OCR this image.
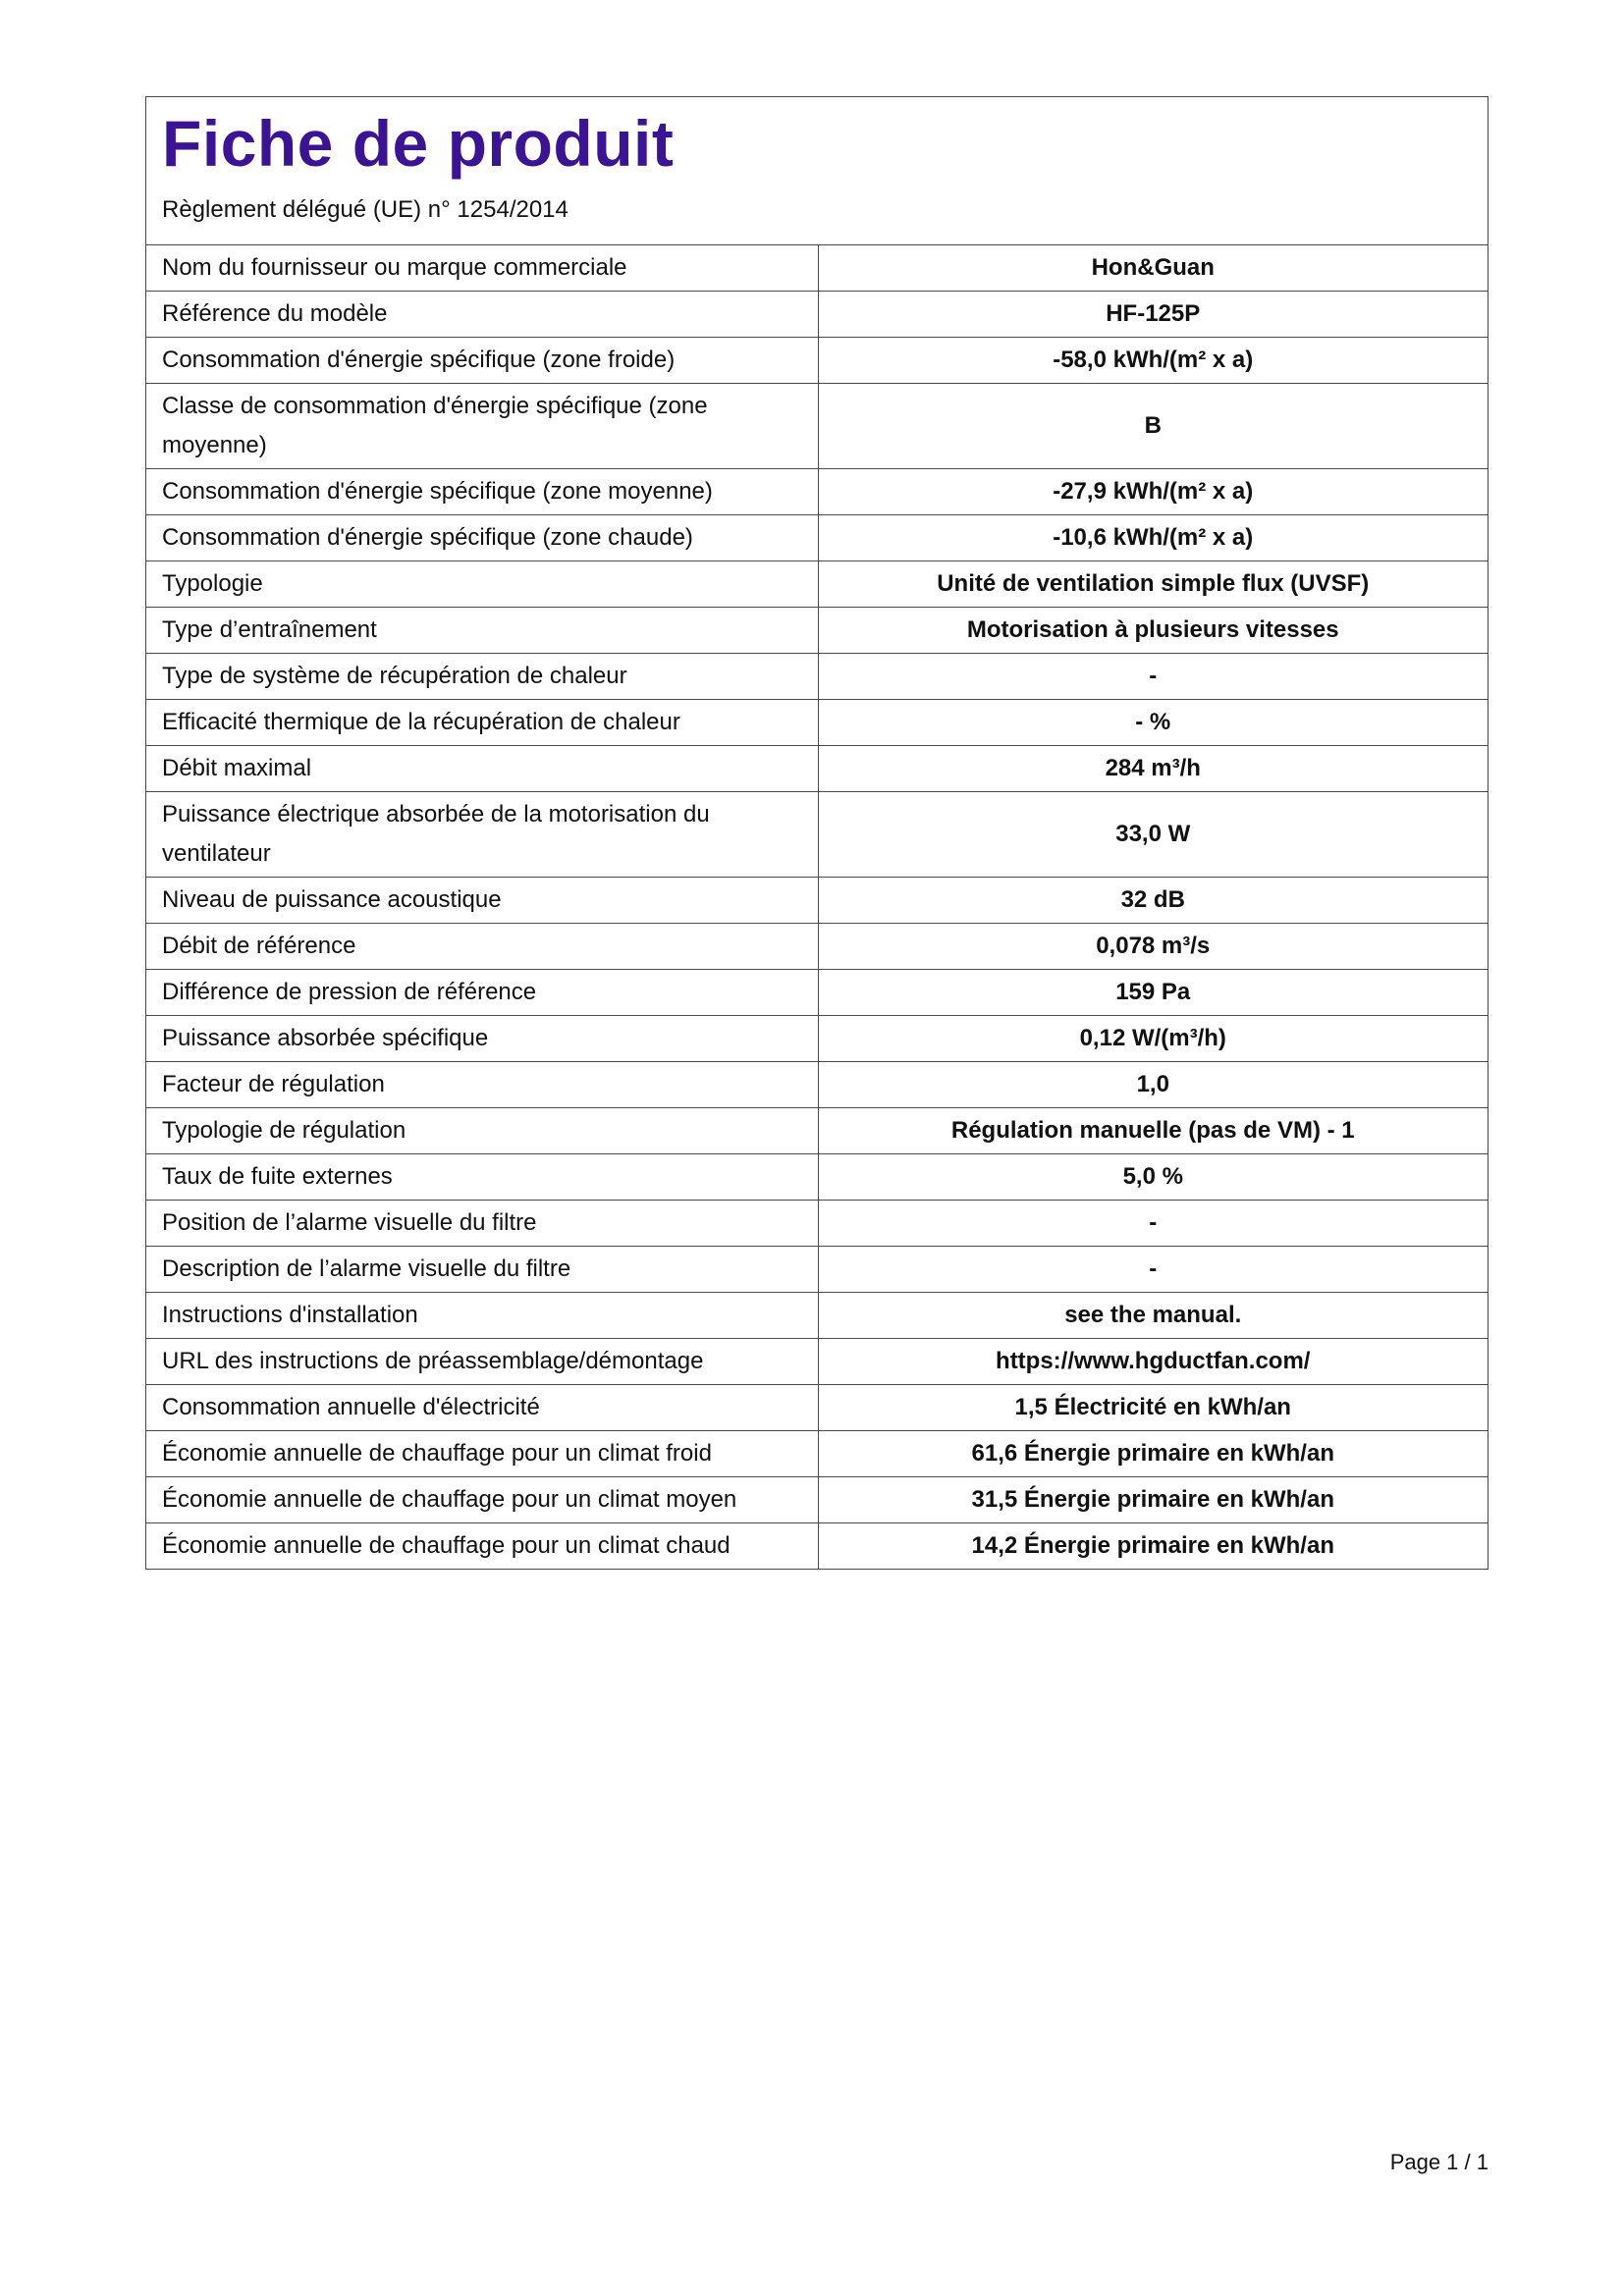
Fiche de produit
Règlement délégué (UE) n° 1254/2014
Nom du fournisseur ou marque commerciale	Hon&Guan
Référence du modèle	HF-125P
Consommation d'énergie spécifique (zone froide)	-58,0 kWh/(m² x a)
Classe de consommation d'énergie spécifique (zone moyenne)	B
Consommation d'énergie spécifique (zone moyenne)	-27,9 kWh/(m² x a)
Consommation d'énergie spécifique (zone chaude)	-10,6 kWh/(m² x a)
Typologie	Unité de ventilation simple flux (UVSF)
Type d’entraînement	Motorisation à plusieurs vitesses
Type de système de récupération de chaleur	-
Efficacité thermique de la récupération de chaleur	- %
Débit maximal	284 m³/h
Puissance électrique absorbée de la motorisation du ventilateur	33,0 W
Niveau de puissance acoustique	32 dB
Débit de référence	0,078 m³/s
Différence de pression de référence	159 Pa
Puissance absorbée spécifique	0,12 W/(m³/h)
Facteur de régulation	1,0
Typologie de régulation	Régulation manuelle (pas de VM) - 1
Taux de fuite externes	5,0 %
Position de l’alarme visuelle du filtre	-
Description de l’alarme visuelle du filtre	-
Instructions d'installation	see the manual.
URL des instructions de préassemblage/démontage	https://www.hgductfan.com/
Consommation annuelle d'électricité	1,5 Électricité en kWh/an
Économie annuelle de chauffage pour un climat froid	61,6 Énergie primaire en kWh/an
Économie annuelle de chauffage pour un climat moyen	31,5 Énergie primaire en kWh/an
Économie annuelle de chauffage pour un climat chaud	14,2 Énergie primaire en kWh/an
Page 1 / 1
